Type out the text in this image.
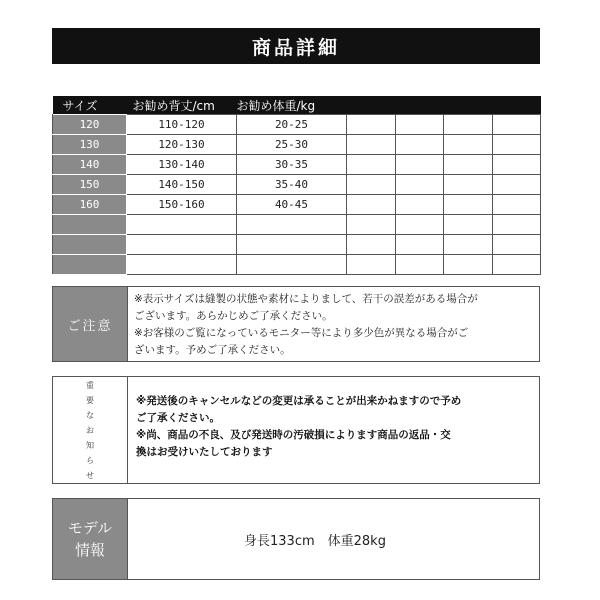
商品詳細
サイズ	お勧め背丈/cm	お勧め体重/kg				
120	110-120	20-25				
130	120-130	25-30				
140	130-140	30-35				
150	140-150	35-40				
160	150-160	40-45				

ご注意
※表示サイズは縫製の状態や素材によりまして、若干の誤差がある場合が
ございます。あらかじめご了承ください。
※お客様のご覧になっているモニター等により多少色が異なる場合がご
ざいます。予めご了承ください。
重
要
な
お
知
ら
せ
※発送後のキャンセルなどの変更は承ることが出来かねますので予め
ご了承ください。
※尚、商品の不良、及び発送時の汚破損によります商品の返品・交
換はお受けいたしております
モデル
情報	身長133cm　体重28kg
